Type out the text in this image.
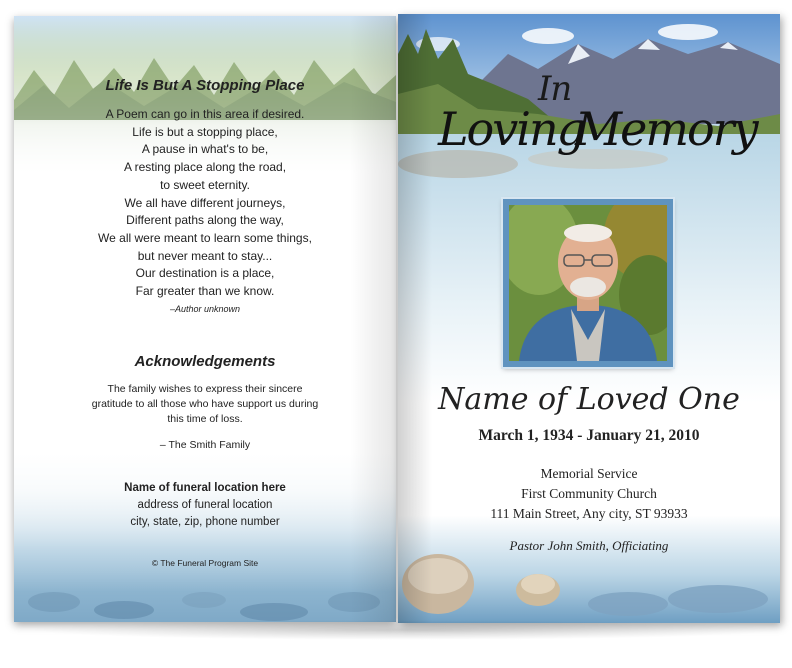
Life Is But A Stopping Place
A Poem can go in this area if desired.
Life is but a stopping place,
A pause in what's to be,
A resting place along the road,
to sweet eternity.
We all have different journeys,
Different paths along the way,
We all were meant to learn some things,
but never meant to stay...
Our destination is a place,
Far greater than we know.
–Author unknown
Acknowledgements
The family wishes to express their sincere
gratitude to all those who have support us during
this time of loss.
– The Smith Family
Name of funeral location here
address of funeral location
city, state, zip, phone number
© The Funeral Program Site
In
Loving
Memory
Name of Loved One
March 1, 1934 - January 21, 2010
Memorial Service
First Community Church
111 Main Street, Any city, ST 93933
Pastor John Smith, Officiating
